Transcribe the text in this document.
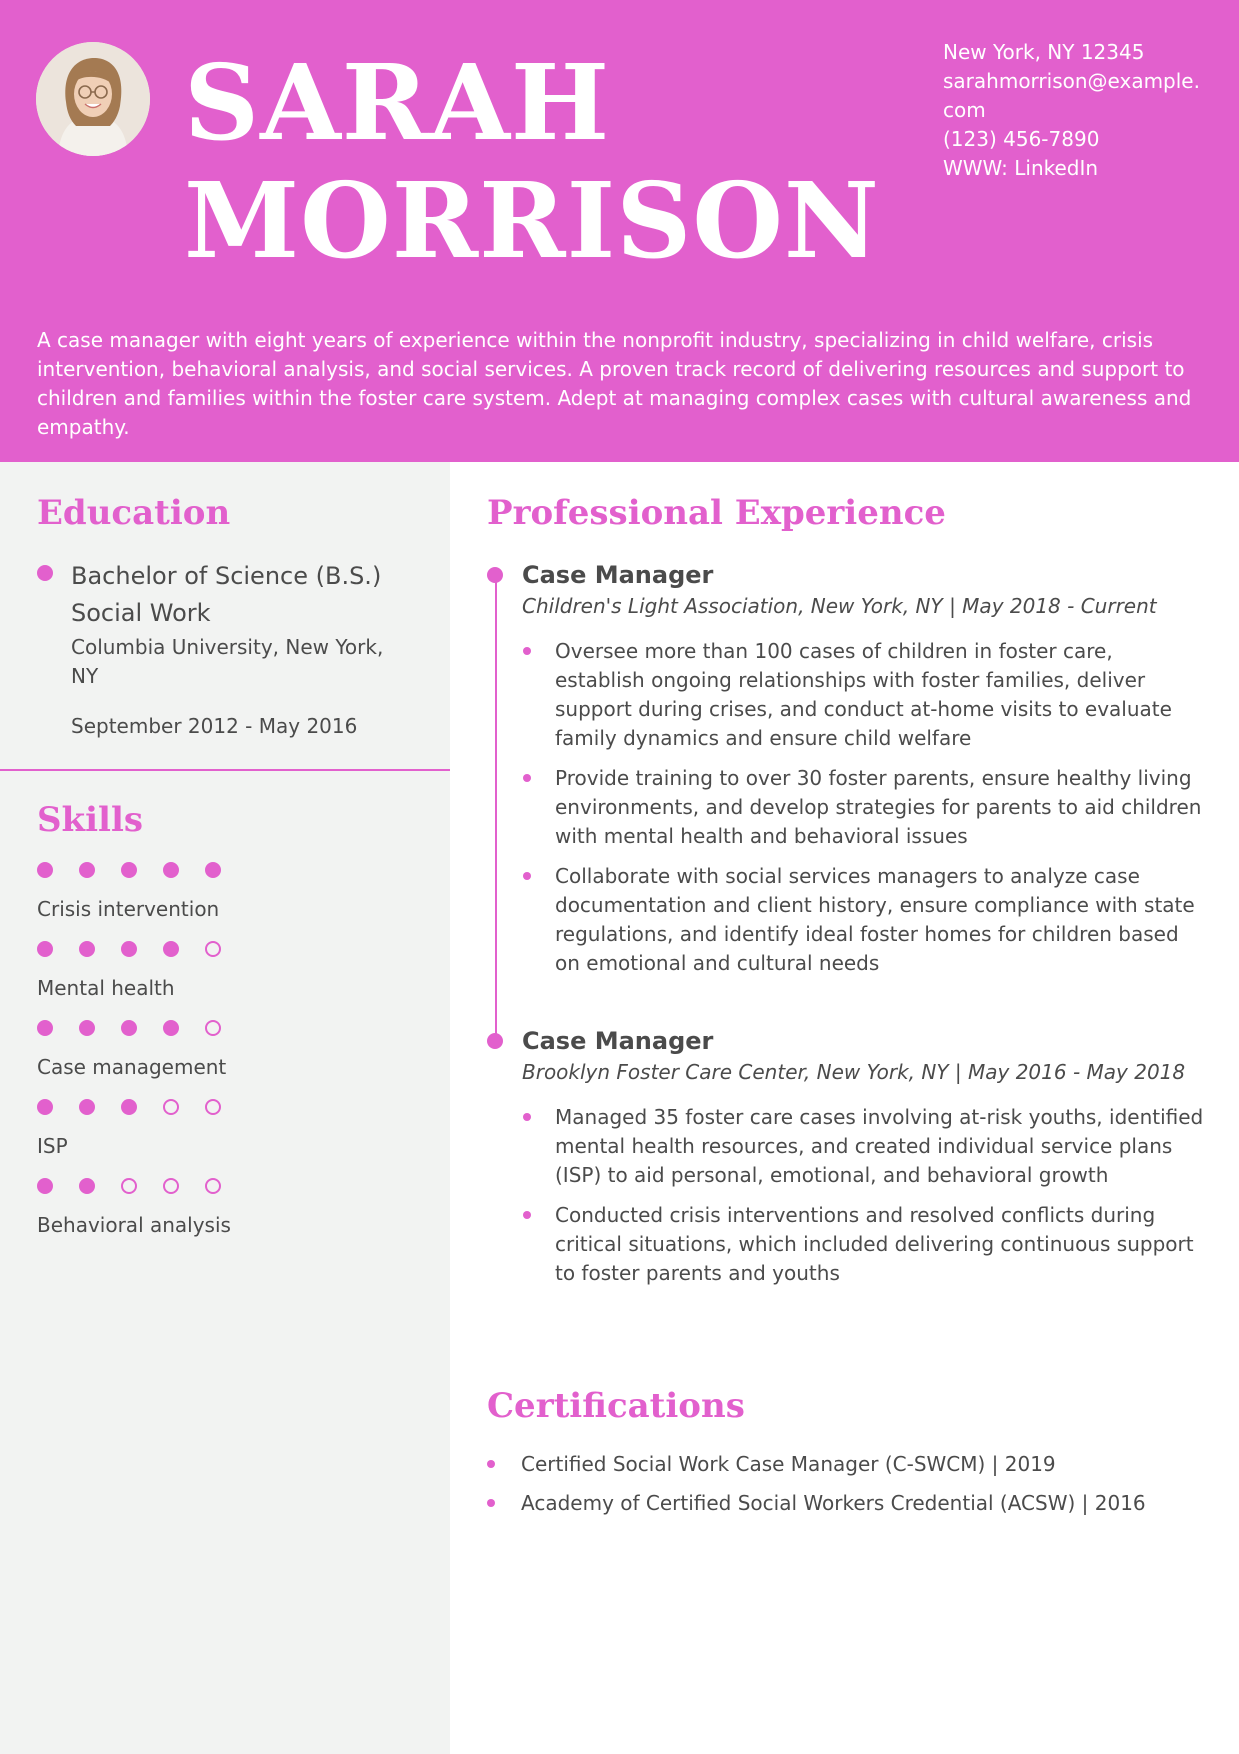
SARAH
MORRISON
New York, NY 12345
sarahmorrison@example.com
(123) 456-7890
WWW: LinkedIn
A case manager with eight years of experience within the nonprofit industry, specializing in child welfare, crisis intervention, behavioral analysis, and social services. A proven track record of delivering resources and support to children and families within the foster care system. Adept at managing complex cases with cultural awareness and empathy.
Education
Bachelor of Science (B.S.) Social Work
Columbia University, New York, NY
September 2012 - May 2016
Skills
Crisis intervention
Mental health
Case management
ISP
Behavioral analysis
Professional Experience
Case Manager
Children's Light Association, New York, NY | May 2018 - Current
Oversee more than 100 cases of children in foster care, establish ongoing relationships with foster families, deliver support during crises, and conduct at-home visits to evaluate family dynamics and ensure child welfare
Provide training to over 30 foster parents, ensure healthy living environments, and develop strategies for parents to aid children with mental health and behavioral issues
Collaborate with social services managers to analyze case documentation and client history, ensure compliance with state regulations, and identify ideal foster homes for children based on emotional and cultural needs
Case Manager
Brooklyn Foster Care Center, New York, NY | May 2016 - May 2018
Managed 35 foster care cases involving at-risk youths, identified mental health resources, and created individual service plans (ISP) to aid personal, emotional, and behavioral growth
Conducted crisis interventions and resolved conflicts during critical situations, which included delivering continuous support to foster parents and youths
Certifications
Certified Social Work Case Manager (C-SWCM) | 2019
Academy of Certified Social Workers Credential (ACSW) | 2016
